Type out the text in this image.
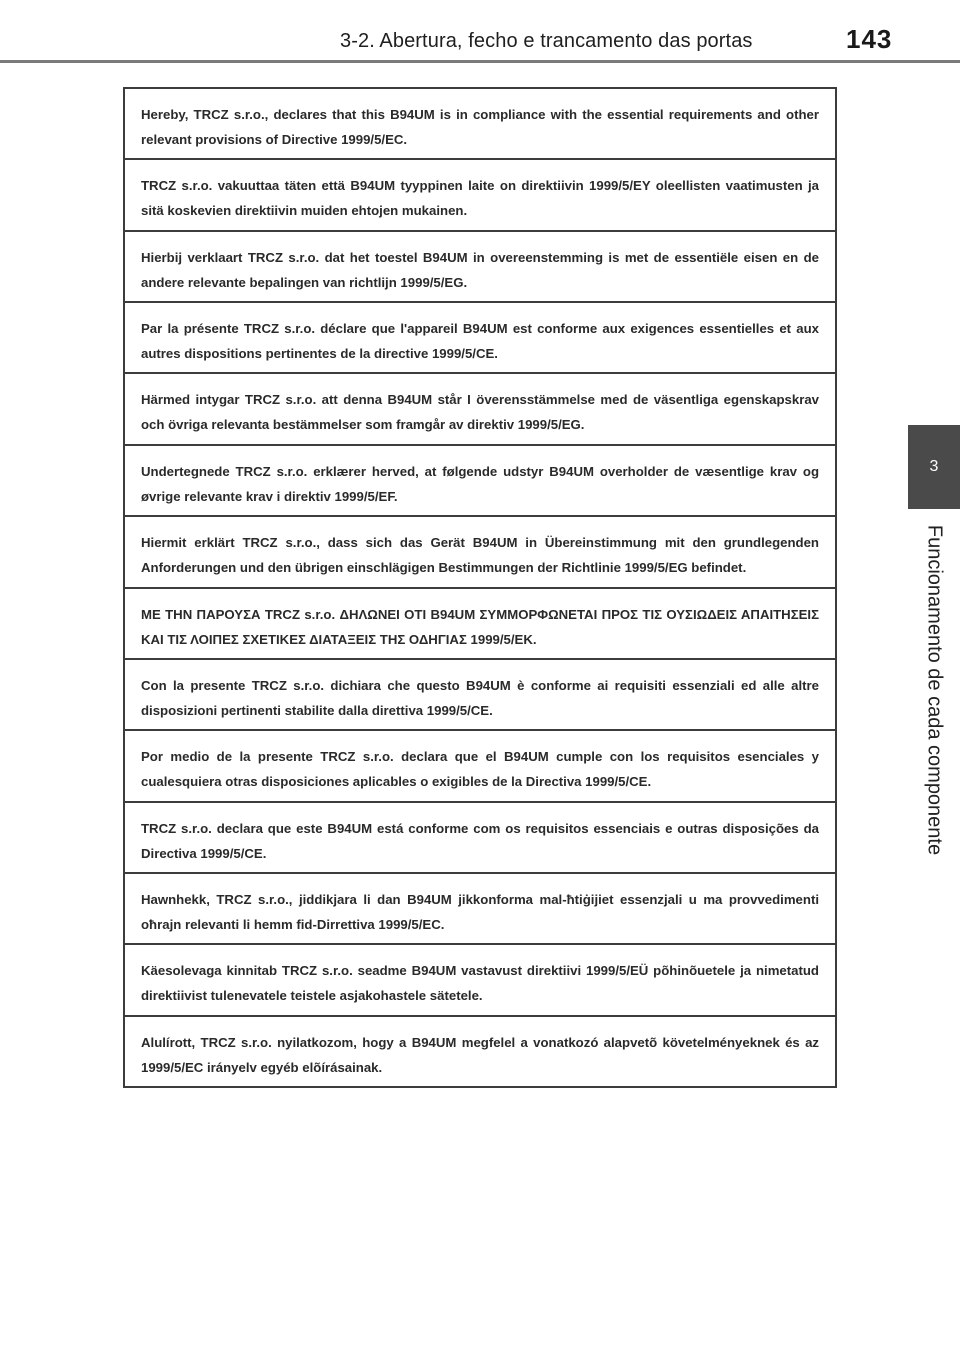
3-2. Abertura, fecho e trancamento das portas	143
3
Funcionamento de cada componente
Hereby, TRCZ s.r.o., declares that this B94UM is in compliance with the essential requirements and other relevant provisions of Directive 1999/5/EC.
TRCZ s.r.o. vakuuttaa täten että B94UM tyyppinen laite on direktiivin 1999/5/EY oleellisten vaatimusten ja sitä koskevien direktiivin muiden ehtojen mukainen.
Hierbij verklaart TRCZ s.r.o. dat het toestel B94UM in overeenstemming is met de essentiële eisen en de andere relevante bepalingen van richtlijn 1999/5/EG.
Par la présente TRCZ s.r.o. déclare que l'appareil B94UM est conforme aux exigences essentielles et aux autres dispositions pertinentes de la directive 1999/5/CE.
Härmed intygar TRCZ s.r.o. att denna B94UM står I överensstämmelse med de väsentliga egenskapskrav och övriga relevanta bestämmelser som framgår av direktiv 1999/5/EG.
Undertegnede TRCZ s.r.o. erklærer herved, at følgende udstyr B94UM overholder de væsentlige krav og øvrige relevante krav i direktiv 1999/5/EF.
Hiermit erklärt TRCZ s.r.o., dass sich das Gerät B94UM in Übereinstimmung mit den grundlegenden Anforderungen und den übrigen einschlägigen Bestimmungen der Richtlinie 1999/5/EG befindet.
ΜΕ ΤΗΝ ΠΑΡΟΥΣΑ TRCZ s.r.o. ΔΗΛΩΝΕΙ ΟΤΙ B94UM ΣΥΜΜΟΡΦΩΝΕΤΑΙ ΠΡΟΣ ΤΙΣ ΟΥΣΙΩΔΕΙΣ ΑΠΑΙΤΗΣΕΙΣ ΚΑΙ ΤΙΣ ΛΟΙΠΕΣ ΣΧΕΤΙΚΕΣ ΔΙΑΤΑΞΕΙΣ ΤΗΣ ΟΔΗΓΙΑΣ 1999/5/ΕΚ.
Con la presente TRCZ s.r.o. dichiara che questo B94UM è conforme ai requisiti essenziali ed alle altre disposizioni pertinenti stabilite dalla direttiva 1999/5/CE.
Por medio de la presente TRCZ s.r.o. declara que el B94UM cumple con los requisitos esenciales y cualesquiera otras disposiciones aplicables o exigibles de la Directiva 1999/5/CE.
TRCZ s.r.o. declara que este B94UM está conforme com os requisitos essenciais e outras disposições da Directiva 1999/5/CE.
Hawnhekk, TRCZ s.r.o., jiddikjara li dan B94UM jikkonforma mal-ħtiġijiet essenzjali u ma provvedimenti oħrajn relevanti li hemm fid-Dirrettiva 1999/5/EC.
Käesolevaga kinnitab TRCZ s.r.o. seadme B94UM vastavust direktiivi 1999/5/EÜ põhinõuetele ja nimetatud direktiivist tulenevatele teistele asjakohastele sätetele.
Alulírott, TRCZ s.r.o. nyilatkozom, hogy a B94UM megfelel a vonatkozó alapvetõ követelményeknek és az 1999/5/EC irányelv egyéb elõírásainak.
